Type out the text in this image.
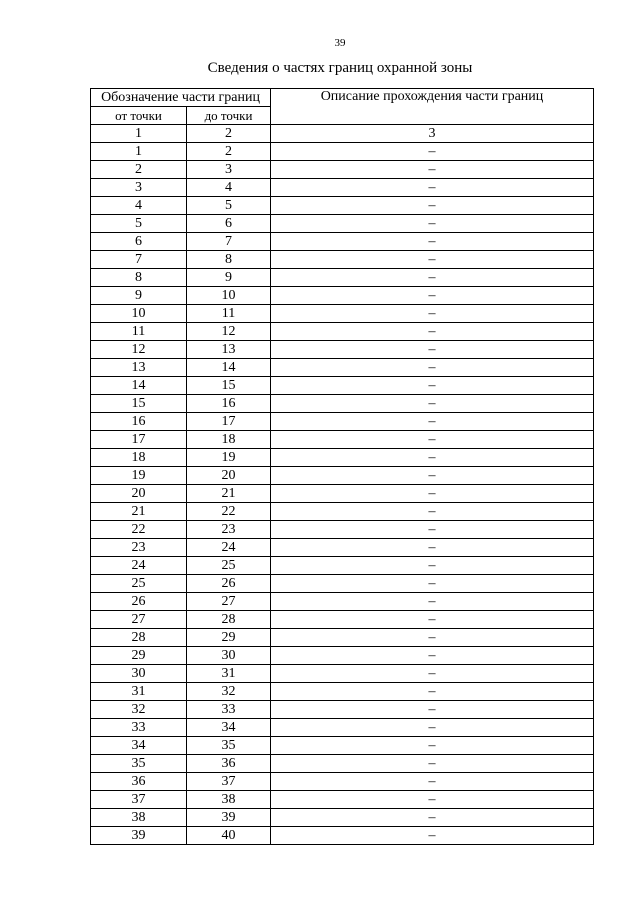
39
Сведения о частях границ охранной зоны
Обозначение части границ		Описание прохождения части границ
от точки	до точки	
1	2	3
1	2	–
2	3	–
3	4	–
4	5	–
5	6	–
6	7	–
7	8	–
8	9	–
9	10	–
10	11	–
11	12	–
12	13	–
13	14	–
14	15	–
15	16	–
16	17	–
17	18	–
18	19	–
19	20	–
20	21	–
21	22	–
22	23	–
23	24	–
24	25	–
25	26	–
26	27	–
27	28	–
28	29	–
29	30	–
30	31	–
31	32	–
32	33	–
33	34	–
34	35	–
35	36	–
36	37	–
37	38	–
38	39	–
39	40	–
